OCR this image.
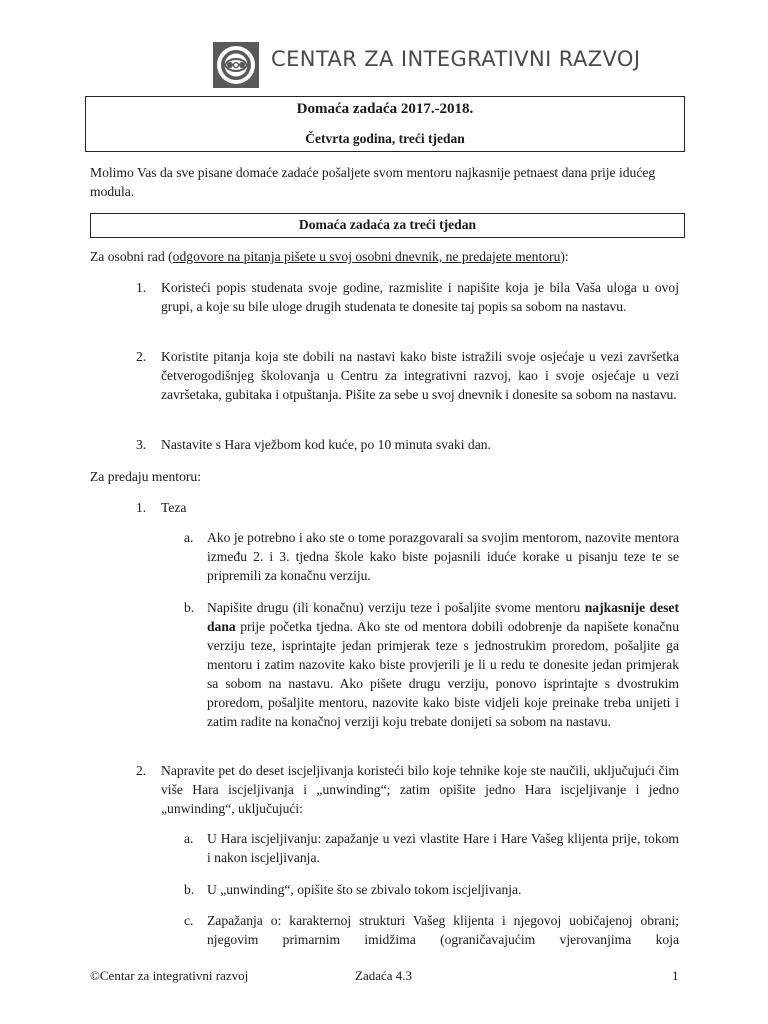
CENTAR ZA INTEGRATIVNI RAZVOJ
Domaća zadaća 2017.-2018.
Četvrta godina, treći tjedan
Molimo Vas da sve pisane domaće zadaće pošaljete svom mentoru najkasnije petnaest dana prije idućeg modula.
Domaća zadaća za treći tjedan
Za osobni rad (odgovore na pitanja pišete u svoj osobni dnevnik, ne predajete mentoru):
1. Koristeći popis studenata svoje godine, razmislite i napišite koja je bila Vaša uloga u ovoj grupi, a koje su bile uloge drugih studenata te donesite taj popis sa sobom na nastavu.
2. Koristite pitanja koja ste dobili na nastavi kako biste istražili svoje osjećaje u vezi završetka četverogodišnjeg školovanja u Centru za integrativni razvoj, kao i svoje osjećaje u vezi završetaka, gubitaka i otpuštanja. Pišite za sebe u svoj dnevnik i donesite sa sobom na nastavu.
3. Nastavite s Hara vježbom kod kuće, po 10 minuta svaki dan.
Za predaju mentoru:
1. Teza
a. Ako je potrebno i ako ste o tome porazgovarali sa svojim mentorom, nazovite mentora između 2. i 3. tjedna škole kako biste pojasnili iduće korake u pisanju teze te se pripremili za konačnu verziju.
b. Napišite drugu (ili konačnu) verziju teze i pošaljite svome mentoru najkasnije deset dana prije početka tjedna. Ako ste od mentora dobili odobrenje da napišete konačnu verziju teze, isprintajte jedan primjerak teze s jednostrukim proredom, pošaljite ga mentoru i zatim nazovite kako biste provjerili je li u redu te donesite jedan primjerak sa sobom na nastavu. Ako pišete drugu verziju, ponovo isprintajte s dvostrukim proredom, pošaljite mentoru, nazovite kako biste vidjeli koje preinake treba unijeti i zatim radite na konačnoj verziji koju trebate donijeti sa sobom na nastavu.
2. Napravite pet do deset iscjeljivanja koristeći bilo koje tehnike koje ste naučili, uključujući čim više Hara iscjeljivanja i „unwinding“; zatim opišite jedno Hara iscjeljivanje i jedno „unwinding“, uključujući:
a. U Hara iscjeljivanju: zapažanje u vezi vlastite Hare i Hare Vašeg klijenta prije, tokom i nakon iscjeljivanja.
b. U „unwinding“, opišite što se zbivalo tokom iscjeljivanja.
c. Zapažanja o: karakternoj strukturi Vašeg klijenta i njegovoj uobičajenoj obrani; njegovim primarnim imidžima (ograničavajućim vjerovanjima koja
©Centar za integrativni razvoj	Zadaća 4.3	1
